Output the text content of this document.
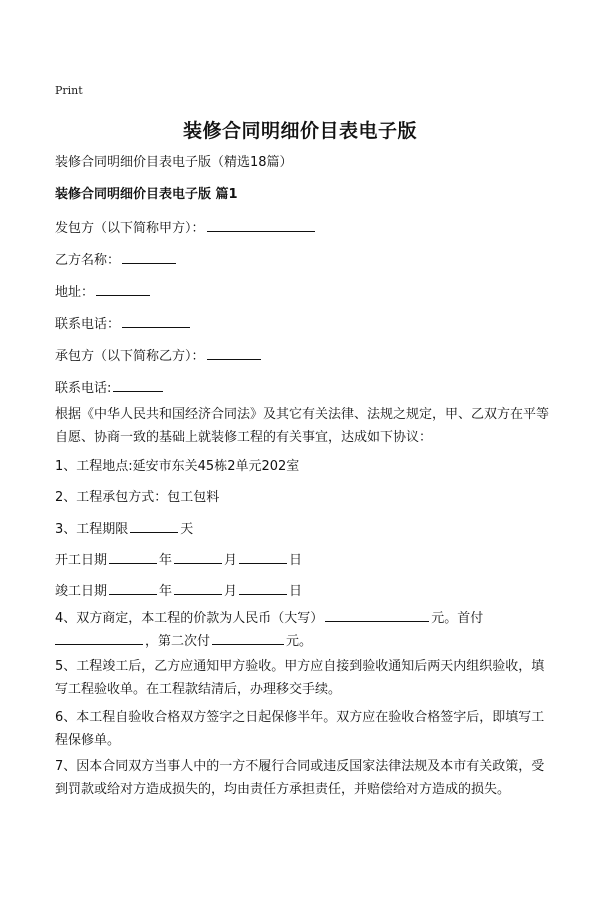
Print
装修合同明细价目表电子版
装修合同明细价目表电子版（精选18篇）
装修合同明细价目表电子版 篇1
发包方（以下简称甲方）：
乙方名称：
地址：
联系电话：
承包方（以下简称乙方）：
联系电话:
根据《中华人民共和国经济合同法》及其它有关法律、法规之规定，甲、乙双方在平等自愿、协商一致的基础上就装修工程的有关事宜，达成如下协议：
1、工程地点:延安市东关45栋2单元202室
2、工程承包方式：包工包料
3、工程期限	天
开工日期	年	月	日
竣工日期	年	月	日
4、双方商定，本工程的价款为人民币（大写）	元。首付
，第二次付	元。
5、工程竣工后，乙方应通知甲方验收。甲方应自接到验收通知后两天内组织验收，填写工程验收单。在工程款结清后，办理移交手续。
6、本工程自验收合格双方签字之日起保修半年。双方应在验收合格签字后，即填写工程保修单。
7、因本合同双方当事人中的一方不履行合同或违反国家法律法规及本市有关政策，受到罚款或给对方造成损失的，均由责任方承担责任，并赔偿给对方造成的损失。
